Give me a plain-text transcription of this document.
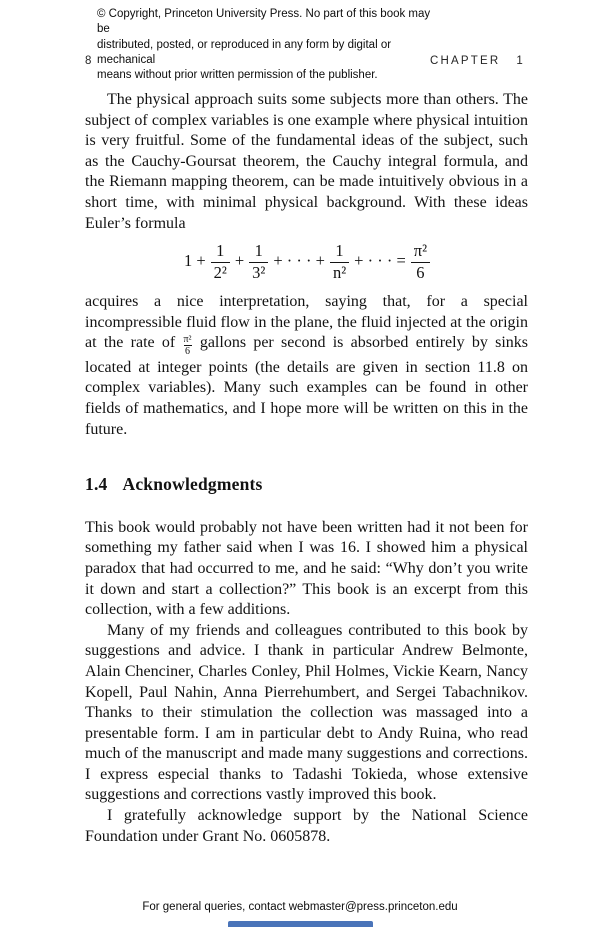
© Copyright, Princeton University Press. No part of this book may be
distributed, posted, or reproduced in any form by digital or mechanical
means without prior written permission of the publisher.
8	CHAPTER 1

The physical approach suits some subjects more than others. The subject of complex variables is one example where physical intuition is very fruitful. Some of the fundamental ideas of the subject, such as the Cauchy-Goursat theorem, the Cauchy integral formula, and the Riemann mapping theorem, can be made intuitively obvious in a short time, with minimal physical background. With these ideas Euler’s formula

$1 + \frac{1}{\text{2²}} + \frac{1}{\text{3²}}$ + · · · + $\frac{1}{\text{n²}}$ + · · · = $\frac{\text{π²}}{6}$

acquires a nice interpretation, saying that, for a special incompressible fluid flow in the plane, the fluid injected at the origin at the rate of $\frac{\text{π²}}{6}$ gallons per second is absorbed entirely by sinks located at integer points (the details are given in section 11.8 on complex variables). Many such examples can be found in other fields of mathematics, and I hope more will be written on this in the future.

1.4 Acknowledgments

This book would probably not have been written had it not been for something my father said when I was 16. I showed him a physical paradox that had occurred to me, and he said: “Why don’t you write it down and start a collection?” This book is an excerpt from this collection, with a few additions.

Many of my friends and colleagues contributed to this book by suggestions and advice. I thank in particular Andrew Belmonte, Alain Chenciner, Charles Conley, Phil Holmes, Vickie Kearn, Nancy Kopell, Paul Nahin, Anna Pierrehumbert, and Sergei Tabachnikov. Thanks to their stimulation the collection was massaged into a presentable form. I am in particular debt to Andy Ruina, who read much of the manuscript and made many suggestions and corrections. I express especial thanks to Tadashi Tokieda, whose extensive suggestions and corrections vastly improved this book.

I gratefully acknowledge support by the National Science Foundation under Grant No. 0605878.

For general queries, contact webmaster@press.princeton.edu
